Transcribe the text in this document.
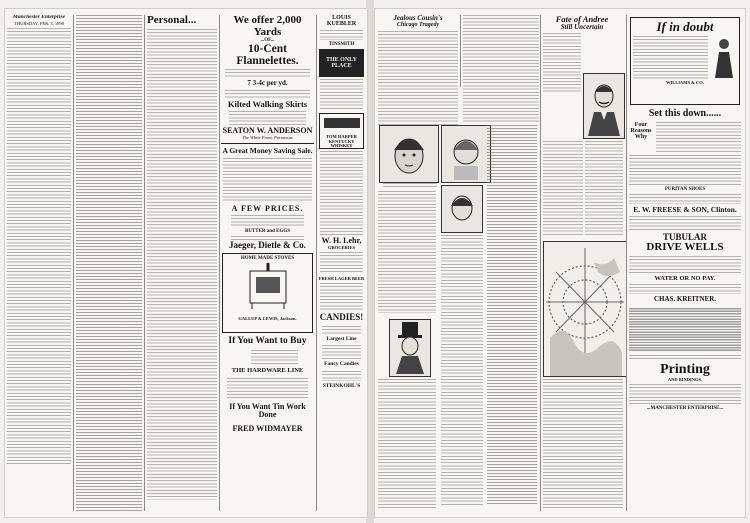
Manchester Enterprise
THURSDAY, FEB. 3, 1898	Personal...	We offer 2,000 Yards
...OF...
10-Cent Flannelettes.
7 3-4c per yd.
Kilted Walking Skirts
SEATON W. ANDERSON
The White Front, Parnassus
A Great Money Saving Sale.
A FEW PRICES.
BUTTER and EGGS
Jaeger, Dietle & Co.
HOME MADE STOVES
GALLUP & LEWIS, Jackson.
If You Want to Buy
THE HARDWARE LINE
If You Want Tin Work Done
FRED WIDMAYER
LOUIS KUEBLER
TINSMITH
THE ONLY PLACE
TOM HARPER KENTUCKY WHISKEY
W. H. Lehr,
GROCERIES
FRESH LAGER BEER
CANDIES!
Largest Line
Fancy Candies
STEINKOHL'S
Jealous Cousin's
Chicago Tragedy
Fate of Andree
Still Uncertain	If in doubt
WILLIAMS & CO.
Set this down......
Four Reasons Why
PURITAN SHOES
E. W. FREESE & SON, Clinton.
TUBULAR
DRIVE WELLS
WATER OR NO PAY.
CHAS. KREITNER.
Printing
AND BINDINGS.
...MANCHESTER ENTERPRISE...
